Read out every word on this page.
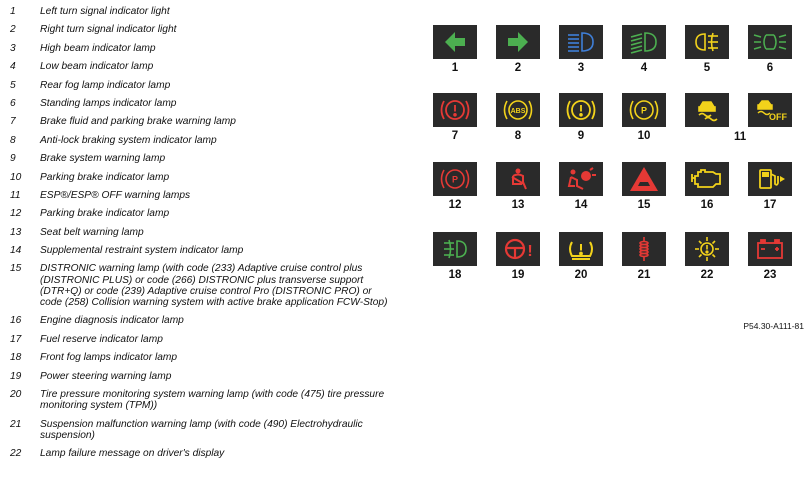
1	Left turn signal indicator light
2	Right turn signal indicator light
3	High beam indicator lamp
4	Low beam indicator lamp
5	Rear fog lamp indicator lamp
6	Standing lamps indicator lamp
7	Brake fluid and parking brake warning lamp
8	Anti-lock braking system indicator lamp
9	Brake system warning lamp
10	Parking brake indicator lamp
11	ESP®/ESP® OFF warning lamps
12	Parking brake indicator lamp
13	Seat belt warning lamp
14	Supplemental restraint system indicator lamp
15	DISTRONIC warning lamp (with code (233) Adaptive cruise control plus (DISTRONIC PLUS) or code (266) DISTRONIC plus transverse support (DTR+Q) or code (239) Adaptive cruise control Pro (DISTRONIC PRO) or code (258) Collision warning system with active brake application FCW-Stop)
16	Engine diagnosis indicator lamp
17	Fuel reserve indicator lamp
18	Front fog lamps indicator lamp
19	Power steering warning lamp
20	Tire pressure monitoring system warning lamp (with code (475) tire pressure monitoring system (TPM))
21	Suspension malfunction warning lamp (with code (490) Electrohydraulic suspension)
22	Lamp failure message on driver's display
1	2	3	4	5	6
7
ABS
8	9
P
10
OFF
11
P
12	13	14	15	16	17
18
!
19	20	21	22	23
P54.30-A111-81
